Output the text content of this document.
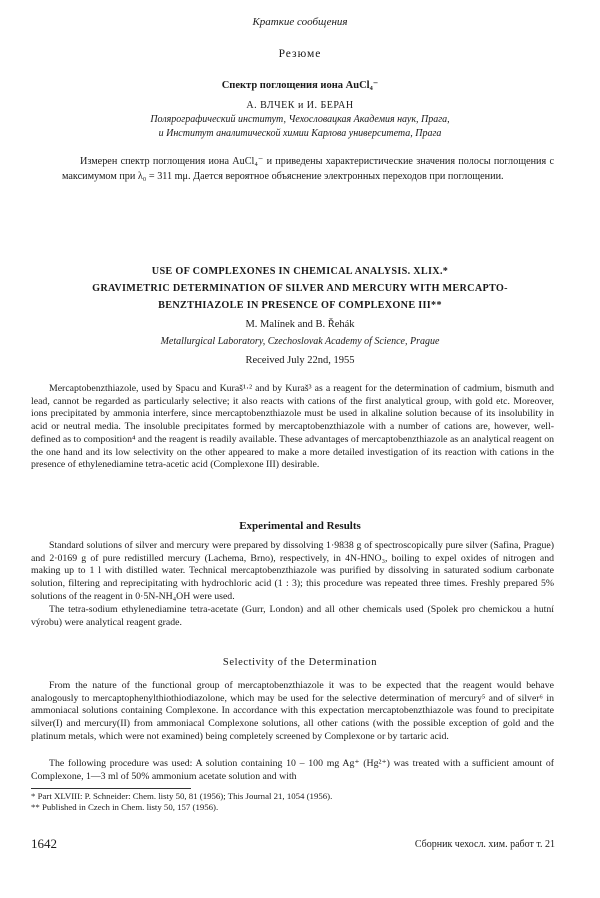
Краткие сообщения
Резюме
Спектр поглощения иона AuCl₄⁻
А. ВЛЧЕК и И. БЕРАН
Полярографический институт, Чехословацкая Академия наук, Прага,
и Институт аналитической химии Карлова университета, Прага
Измерен спектр поглощения иона AuCl₄⁻ и приведены характеристические значения полосы поглощения с максимумом при λ₀ = 311 mμ. Дается вероятное объяснение электронных переходов при поглощении.
USE OF COMPLEXONES IN CHEMICAL ANALYSIS. XLIX.*
GRAVIMETRIC DETERMINATION OF SILVER AND MERCURY WITH MERCAPTO-
BENZTHIAZOLE IN PRESENCE OF COMPLEXONE III**
M. Malínek and B. Řehák
Metallurgical Laboratory, Czechoslovak Academy of Science, Prague
Received July 22nd, 1955
Mercaptobenzthiazole, used by Spacu and Kuraš¹·² and by Kuraš³ as a reagent for the determination of cadmium, bismuth and lead, cannot be regarded as particularly selective; it also reacts with cations of the first analytical group, with gold etc. Moreover, ions precipitated by ammonia interfere, since mercaptobenzthiazole must be used in alkaline solution because of its insolubility in acid or neutral media. The insoluble precipitates formed by mercaptobenzthiazole with a number of cations are, however, well-defined as to composition⁴ and the reagent is readily available. These advantages of mercaptobenzthiazole as an analytical reagent on the one hand and its low selectivity on the other appeared to make a more detailed investigation of its reaction with cations in the presence of ethylenediamine tetra-acetic acid (Complexone III) desirable.
Experimental and Results
Standard solutions of silver and mercury were prepared by dissolving 1·9838 g of spectroscopically pure silver (Safina, Prague) and 2·0169 g of pure redistilled mercury (Lachema, Brno), respectively, in 4N-HNO₃, boiling to expel oxides of nitrogen and making up to 1 l with distilled water. Technical mercaptobenzthiazole was purified by dissolving in saturated sodium carbonate solution, filtering and reprecipitating with hydrochloric acid (1 : 3); this procedure was repeated three times. Freshly prepared 5% solutions of the reagent in 0·5N-NH₄OH were used.
The tetra-sodium ethylenediamine tetra-acetate (Gurr, London) and all other chemicals used (Spolek pro chemickou a hutní výrobu) were analytical reagent grade.
Selectivity of the Determination
From the nature of the functional group of mercaptobenzthiazole it was to be expected that the reagent would behave analogously to mercaptophenylthiothiodiazolone, which may be used for the selective determination of mercury⁵ and of silver⁶ in ammoniacal solutions containing Complexone. In accordance with this expectation mercaptobenzthiazole was found to precipitate silver(I) and mercury(II) from ammoniacal Complexone solutions, all other cations (with the possible exception of gold and the platinum metals, which were not examined) being completely screened by Complexone or by tartaric acid.
The following procedure was used: A solution containing 10 – 100 mg Ag⁺ (Hg²⁺) was treated with a sufficient amount of Complexone, 1—3 ml of 50% ammonium acetate solution and with
* Part XLVIII: P. Schneider: Chem. listy 50, 81 (1956); This Journal 21, 1054 (1956).
** Published in Czech in Chem. listy 50, 157 (1956).
1642	Сборник чехосл. хим. работ т. 21
